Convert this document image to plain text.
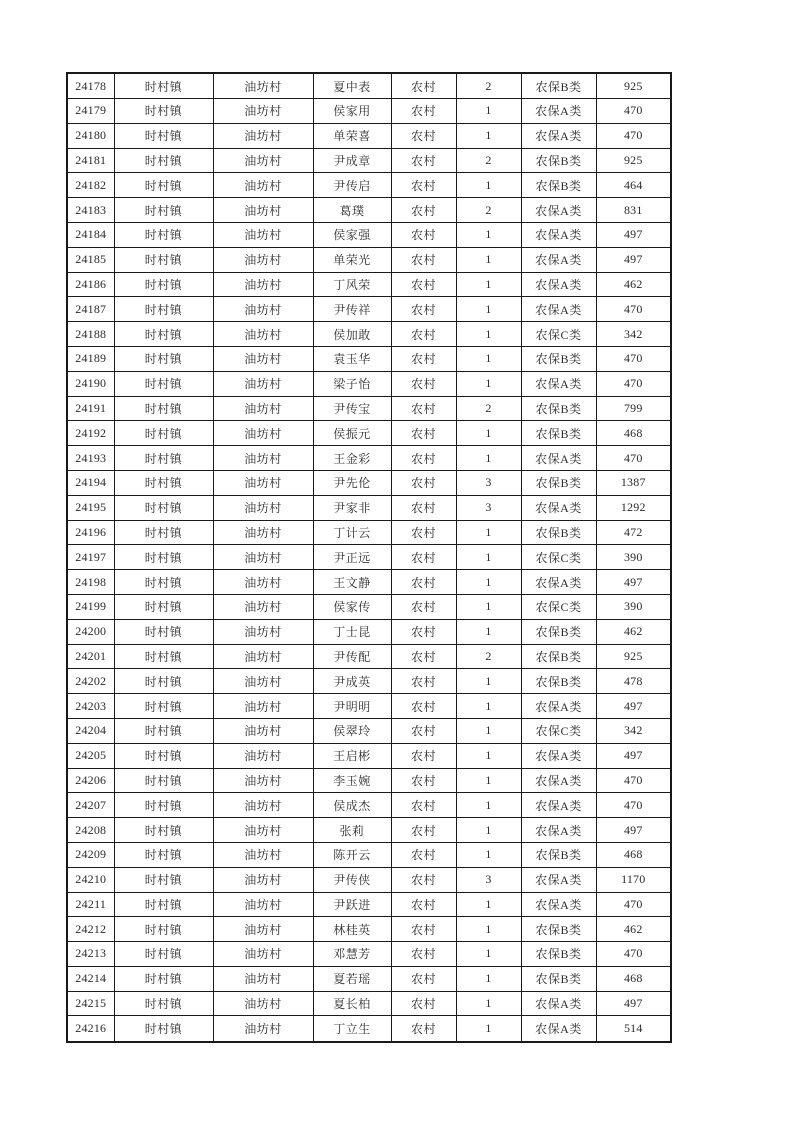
24178	时村镇	油坊村	夏中表	农村	2	农保B类	925
24179	时村镇	油坊村	侯家用	农村	1	农保A类	470
24180	时村镇	油坊村	单荣喜	农村	1	农保A类	470
24181	时村镇	油坊村	尹成章	农村	2	农保B类	925
24182	时村镇	油坊村	尹传启	农村	1	农保B类	464
24183	时村镇	油坊村	葛璞	农村	2	农保A类	831
24184	时村镇	油坊村	侯家强	农村	1	农保A类	497
24185	时村镇	油坊村	单荣光	农村	1	农保A类	497
24186	时村镇	油坊村	丁风荣	农村	1	农保A类	462
24187	时村镇	油坊村	尹传祥	农村	1	农保A类	470
24188	时村镇	油坊村	侯加敢	农村	1	农保C类	342
24189	时村镇	油坊村	袁玉华	农村	1	农保B类	470
24190	时村镇	油坊村	梁子怡	农村	1	农保A类	470
24191	时村镇	油坊村	尹传宝	农村	2	农保B类	799
24192	时村镇	油坊村	侯振元	农村	1	农保B类	468
24193	时村镇	油坊村	王金彩	农村	1	农保A类	470
24194	时村镇	油坊村	尹先伦	农村	3	农保B类	1387
24195	时村镇	油坊村	尹家非	农村	3	农保A类	1292
24196	时村镇	油坊村	丁计云	农村	1	农保B类	472
24197	时村镇	油坊村	尹正远	农村	1	农保C类	390
24198	时村镇	油坊村	王文静	农村	1	农保A类	497
24199	时村镇	油坊村	侯家传	农村	1	农保C类	390
24200	时村镇	油坊村	丁士昆	农村	1	农保B类	462
24201	时村镇	油坊村	尹传配	农村	2	农保B类	925
24202	时村镇	油坊村	尹成英	农村	1	农保B类	478
24203	时村镇	油坊村	尹明明	农村	1	农保A类	497
24204	时村镇	油坊村	侯翠玲	农村	1	农保C类	342
24205	时村镇	油坊村	王启彬	农村	1	农保A类	497
24206	时村镇	油坊村	李玉婉	农村	1	农保A类	470
24207	时村镇	油坊村	侯成杰	农村	1	农保A类	470
24208	时村镇	油坊村	张莉	农村	1	农保A类	497
24209	时村镇	油坊村	陈开云	农村	1	农保B类	468
24210	时村镇	油坊村	尹传侠	农村	3	农保A类	1170
24211	时村镇	油坊村	尹跃进	农村	1	农保A类	470
24212	时村镇	油坊村	林桂英	农村	1	农保B类	462
24213	时村镇	油坊村	邓慧芳	农村	1	农保B类	470
24214	时村镇	油坊村	夏若瑶	农村	1	农保B类	468
24215	时村镇	油坊村	夏长柏	农村	1	农保A类	497
24216	时村镇	油坊村	丁立生	农村	1	农保A类	514
